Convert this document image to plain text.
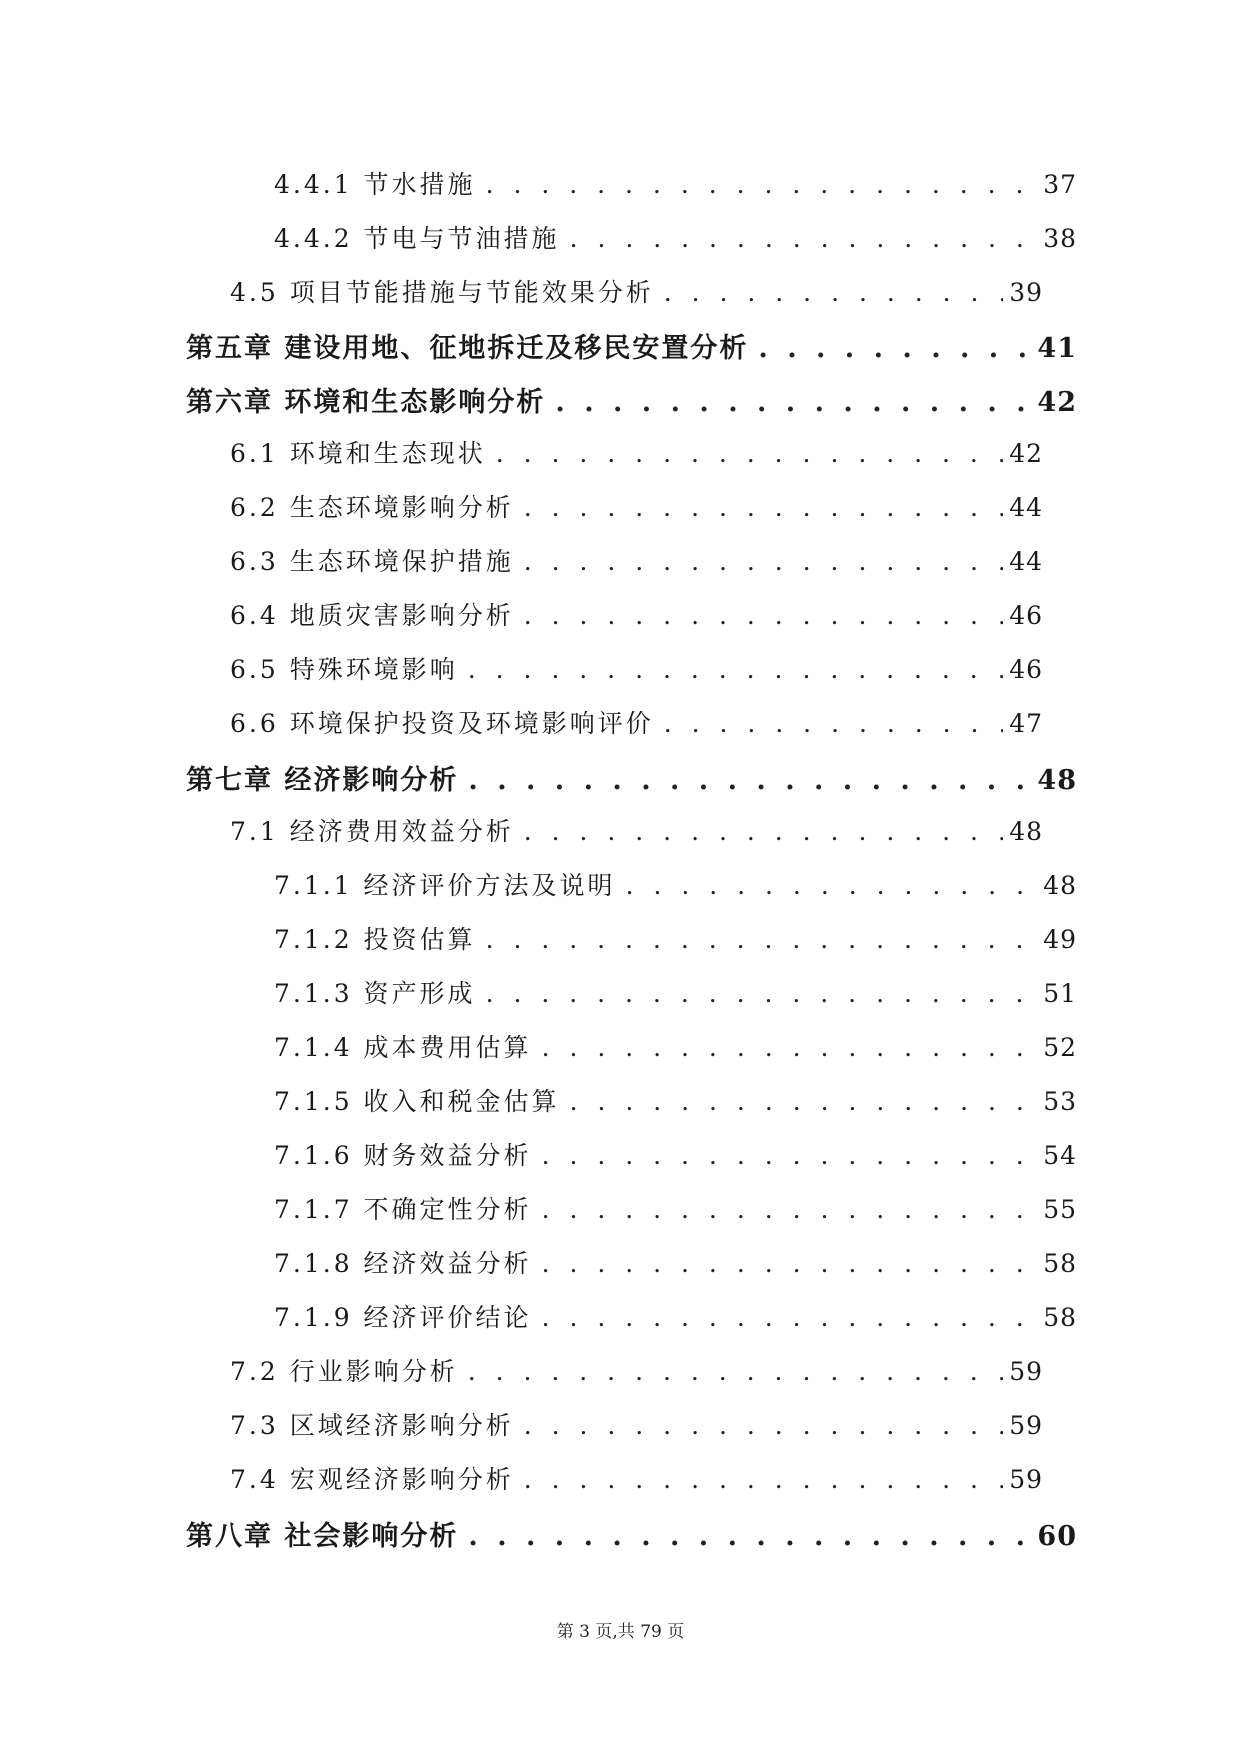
4.4.1 节水措施 . . .	37
4.4.2 节电与节油措施 . . .	38
4.5 项目节能措施与节能效果分析 . . .	39
第五章 建设用地、征地拆迁及移民安置分析 . . .	41
第六章 环境和生态影响分析 . . .	42
6.1 环境和生态现状 . . .	42
6.2 生态环境影响分析 . . .	44
6.3 生态环境保护措施 . . .	44
6.4 地质灾害影响分析 . . .	46
6.5 特殊环境影响 . . .	46
6.6 环境保护投资及环境影响评价 . . .	47
第七章 经济影响分析 . . .	48
7.1 经济费用效益分析 . . .	48
7.1.1 经济评价方法及说明 . . .	48
7.1.2 投资估算 . . .	49
7.1.3 资产形成 . . .	51
7.1.4 成本费用估算 . . .	52
7.1.5 收入和税金估算 . . .	53
7.1.6 财务效益分析 . . .	54
7.1.7 不确定性分析 . . .	55
7.1.8 经济效益分析 . . .	58
7.1.9 经济评价结论 . . .	58
7.2 行业影响分析 . . .	59
7.3 区域经济影响分析 . . .	59
7.4 宏观经济影响分析 . . .	59
第八章 社会影响分析 . . .	60
第 3 页,共 79 页
